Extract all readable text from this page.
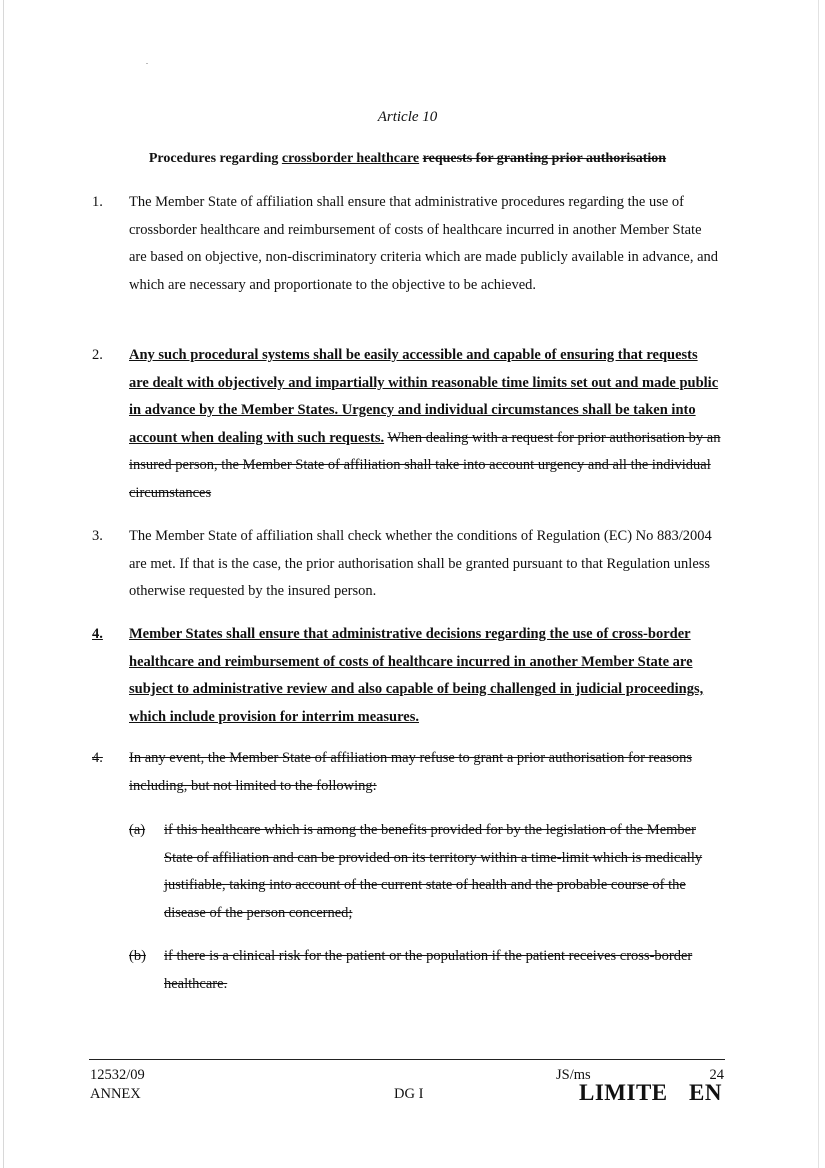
Article 10
Procedures regarding crossborder healthcare requests for granting prior authorisation
1. The Member State of affiliation shall ensure that administrative procedures regarding the use of crossborder healthcare and reimbursement of costs of healthcare incurred in another Member State are based on objective, non-discriminatory criteria which are made publicly available in advance, and which are necessary and proportionate to the objective to be achieved.
2. Any such procedural systems shall be easily accessible and capable of ensuring that requests are dealt with objectively and impartially within reasonable time limits set out and made public in advance by the Member States. Urgency and individual circumstances shall be taken into account when dealing with such requests. When dealing with a request for prior authorisation by an insured person, the Member State of affiliation shall take into account urgency and all the individual circumstances
3. The Member State of affiliation shall check whether the conditions of Regulation (EC) No 883/2004 are met. If that is the case, the prior authorisation shall be granted pursuant to that Regulation unless otherwise requested by the insured person.
4. Member States shall ensure that administrative decisions regarding the use of cross-border healthcare and reimbursement of costs of healthcare incurred in another Member State are subject to administrative review and also capable of being challenged in judicial proceedings, which include provision for interrim measures.
4. In any event, the Member State of affiliation may refuse to grant a prior authorisation for reasons including, but not limited to the following:
(a) if this healthcare which is among the benefits provided for by the legislation of the Member State of affiliation and can be provided on its territory within a time-limit which is medically justifiable, taking into account of the current state of health and the probable course of the disease of the person concerned;
(b) if there is a clinical risk for the patient or the population if the patient receives cross-border healthcare.
12532/09
ANNEX	DG I
JS/ms	24
LIMITE EN
